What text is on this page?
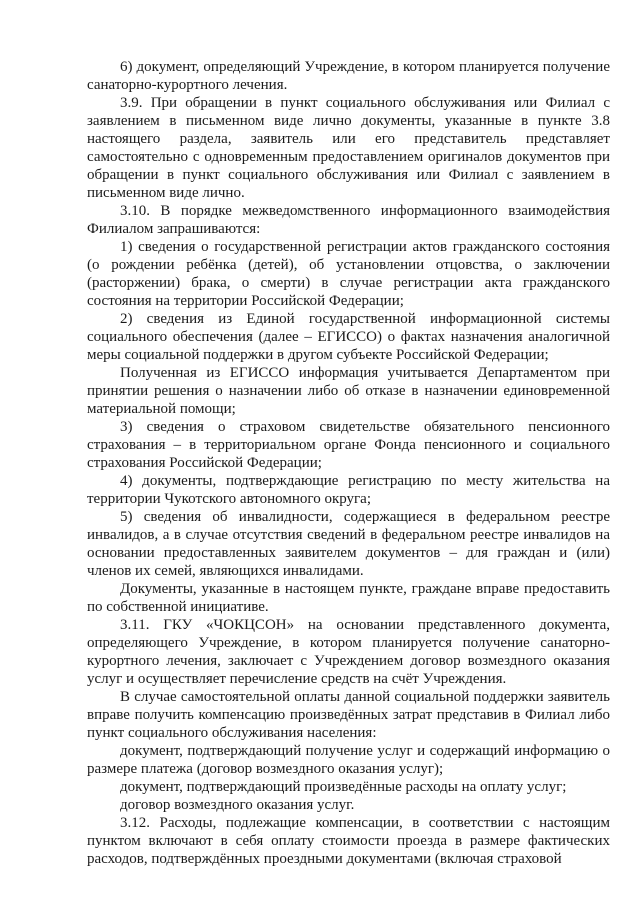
6) документ, определяющий Учреждение, в котором планируется получение санаторно-курортного лечения.

3.9. При обращении в пункт социального обслуживания или Филиал с заявлением в письменном виде лично документы, указанные в пункте 3.8 настоящего раздела, заявитель или его представитель представляет самостоятельно с одновременным предоставлением оригиналов документов при обращении в пункт социального обслуживания или Филиал с заявлением в письменном виде лично.

3.10. В порядке межведомственного информационного взаимодействия Филиалом запрашиваются:

1) сведения о государственной регистрации актов гражданского состояния (о рождении ребёнка (детей), об установлении отцовства, о заключении (расторжении) брака, о смерти) в случае регистрации акта гражданского состояния на территории Российской Федерации;

2) сведения из Единой государственной информационной системы социального обеспечения (далее – ЕГИССО) о фактах назначения аналогичной меры социальной поддержки в другом субъекте Российской Федерации;

Полученная из ЕГИССО информация учитывается Департаментом при принятии решения о назначении либо об отказе в назначении единовременной материальной помощи;

3) сведения о страховом свидетельстве обязательного пенсионного страхования – в территориальном органе Фонда пенсионного и социального страхования Российской Федерации;

4) документы, подтверждающие регистрацию по месту жительства на территории Чукотского автономного округа;

5) сведения об инвалидности, содержащиеся в федеральном реестре инвалидов, а в случае отсутствия сведений в федеральном реестре инвалидов на основании предоставленных заявителем документов – для граждан и (или) членов их семей, являющихся инвалидами.

Документы, указанные в настоящем пункте, граждане вправе предоставить по собственной инициативе.

3.11. ГКУ «ЧОКЦСОН» на основании представленного документа, определяющего Учреждение, в котором планируется получение санаторно-курортного лечения, заключает с Учреждением договор возмездного оказания услуг и осуществляет перечисление средств на счёт Учреждения.

В случае самостоятельной оплаты данной социальной поддержки заявитель вправе получить компенсацию произведённых затрат представив в Филиал либо пункт социального обслуживания населения:

документ, подтверждающий получение услуг и содержащий информацию о размере платежа (договор возмездного оказания услуг);

документ, подтверждающий произведённые расходы на оплату услуг;

договор возмездного оказания услуг.

3.12. Расходы, подлежащие компенсации, в соответствии с настоящим пунктом включают в себя оплату стоимости проезда в размере фактических расходов, подтверждённых проездными документами (включая страховой
